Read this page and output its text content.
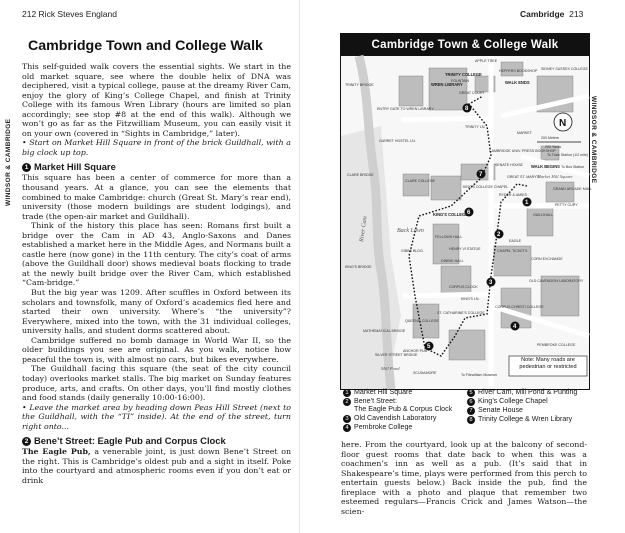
212 Rick Steves England
WINDSOR & CAMBRIDGE
Cambridge Town and College Walk

This self-guided walk covers the essential sights. We start in the old market square, see where the double helix of DNA was deciphered, visit a typical college, pause at the dreamy River Cam, enjoy the glory of King’s College Chapel, and finish at Trinity College with its famous Wren Library (hours are limited so plan accordingly; see stop #8 at the end of this walk). Although we won’t go as far as the Fitzwilliam Museum, you can easily visit it on your own (covered in “Sights in Cambridge,” later).

• Start on Market Hill Square in front of the brick Guildhall, with a big clock up top.

1 Market Hill Square

This square has been a center of commerce for more than a thousand years. At a glance, you can see the elements that combined to make Cambridge: church (Great St. Mary’s rear end), university (those modern buildings are student lodgings), and trade (the open-air market and Guildhall).

Think of the history this place has seen: Romans first built a bridge over the Cam in AD 43, Anglo-Saxons and Danes established a market here in the Middle Ages, and Normans built a castle here (now gone) in the 11th century. The city’s coat of arms (above the Guildhall door) shows medieval boats flocking to trade at the newly built bridge over the River Cam, which established “Cam-bridge.”

But the big year was 1209. After scuffles in Oxford between its scholars and townsfolk, many of Oxford’s academics fled here and started their own university. Where’s “the university”? Everywhere, mixed into the town, with the 31 individual colleges, university halls, and student dorms scattered about.

Cambridge suffered no bomb damage in World War II, so the older buildings you see are original. As you walk, notice how peaceful the town is, with almost no cars, but bikes everywhere.

The Guildhall facing this square (the seat of the city council today) overlooks market stalls. The big market on Sunday features produce, arts, and crafts. On other days, you’ll find mostly clothes and food stands (daily generally 10:00-16:00).

• Leave the market area by heading down Peas Hill Street (next to the Guildhall, with the “TI” inside). At the end of the street, turn right onto...

2 Bene’t Street: Eagle Pub and Corpus Clock

The Eagle Pub, a venerable joint, is just down Bene’t Street on the right. This is Cambridge’s oldest pub and a sight in itself. Poke into the courtyard and atmospheric rooms even if you don’t eat or drink

Cambridge 213
WINDSOR & CAMBRIDGE
Cambridge Town & College Walk
N
200 Meters
200 Yards
1
2
3
4
5
6
7
8
WREN LIBRARY
TRINITY COLLEGE
FOUNTAIN
GREAT COURT
APPLE TREE
HEFFERS BOOKSHOP
WALK ENDS
SIDNEY SUSSEX COLLEGE
TRINITY BRIDGE
ENTRY GATE TO WREN LIBRARY
TRINITY LN.
GARRET HOSTEL LN.
CLARE BRIDGE
CLARE COLLEGE
SENATE HOUSE
GREAT ST. MARY'S
Market Hill Square
WALK BEGINS
RYDER & AMIES
KING'S COLLEGE CHAPEL
KING'S COLLEGE
Back Lawn
FELLOWS HALL
HENRY VI STATUE
DINING HALL
GIBBS BLDG.
KING'S BRIDGE
River Cam
CORPUS CLOCK
KING'S LN.
EAGLE
CHAPEL TICKETS
GUILDHALL
GRAND ARCADE MALL
CORN EXCHANGE
OLD CAVENDISH LABORATORY
ST. CATHARINE'S COLLEGE
CORPUS CHRISTI COLLEGE
QUEENS' COLLEGE
MATHEMATICAL BRIDGE
PEMBROKE COLLEGE
SILVER STREET BRIDGE
ANCHOR PUB
Mill Pond
SCUDAMORE	To Fitzwilliam Museum
CAMBRIDGE UNIV. PRESS BOOKSHOP
To Train Station (1/2 mile)
To Bus Station
PETTY CURY
MARKET
Note: Many roads are pedestrian or restricted
1 Market Hill Square
2 Bene’t Street:
The Eagle Pub & Corpus Clock
3 Old Cavendish Laboratory
4 Pembroke College
5 River Cam, Mill Pond & Punting
6 King’s College Chapel
7 Senate House
8 Trinity College & Wren Library

here. From the courtyard, look up at the balcony of second-floor guest rooms that date back to when this was a coachmen’s inn as well as a pub. (It’s said that in Shakespeare’s time, plays were performed from this perch to entertain guests below.) Back inside the pub, find the fireplace with a photo and plaque that remember two esteemed regulars—Francis Crick and James Watson—the scien-
